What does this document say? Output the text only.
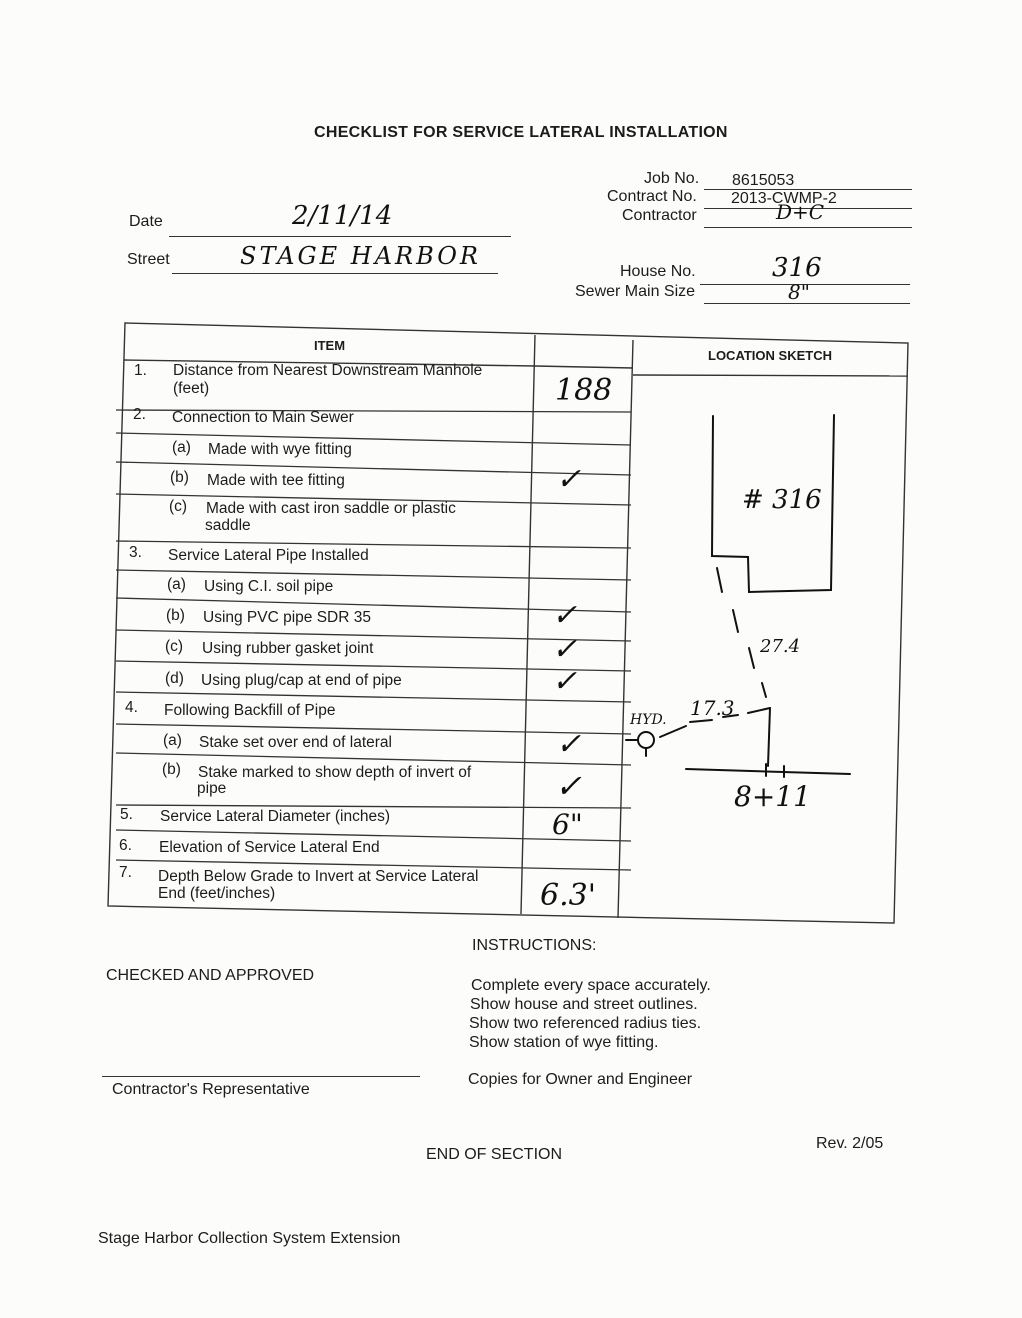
CHECKLIST FOR SERVICE LATERAL INSTALLATION
Date	2/11/14
Street	STAGE HARBOR
Job No. 8615053
Contract No. 2013-CWMP-2
Contractor	D+C
House No.	316
Sewer Main Size	8"
ITEM
LOCATION SKETCH
1. Distance from Nearest Downstream Manhole
(feet)	188
2. Connection to Main Sewer
(a) Made with wye fitting
(b) Made with tee fitting	✓
(c) Made with cast iron saddle or plastic
saddle
3. Service Lateral Pipe Installed
(a) Using C.I. soil pipe
(b) Using PVC pipe SDR 35	✓
(c) Using rubber gasket joint	✓
(d) Using plug/cap at end of pipe	✓
4. Following Backfill of Pipe
(a) Stake set over end of lateral	✓
(b) Stake marked to show depth of invert of
pipe	✓
5. Service Lateral Diameter (inches)	6"
6. Elevation of Service Lateral End
7. Depth Below Grade to Invert at Service Lateral
End (feet/inches)	6.3'
# 316
27.4
HYD. 17.3
8+11
INSTRUCTIONS:
CHECKED AND APPROVED
Complete every space accurately.
Show house and street outlines.
Show two referenced radius ties.
Show station of wye fitting.
Contractor's Representative
Copies for Owner and Engineer
Rev. 2/05
END OF SECTION
Stage Harbor Collection System Extension
